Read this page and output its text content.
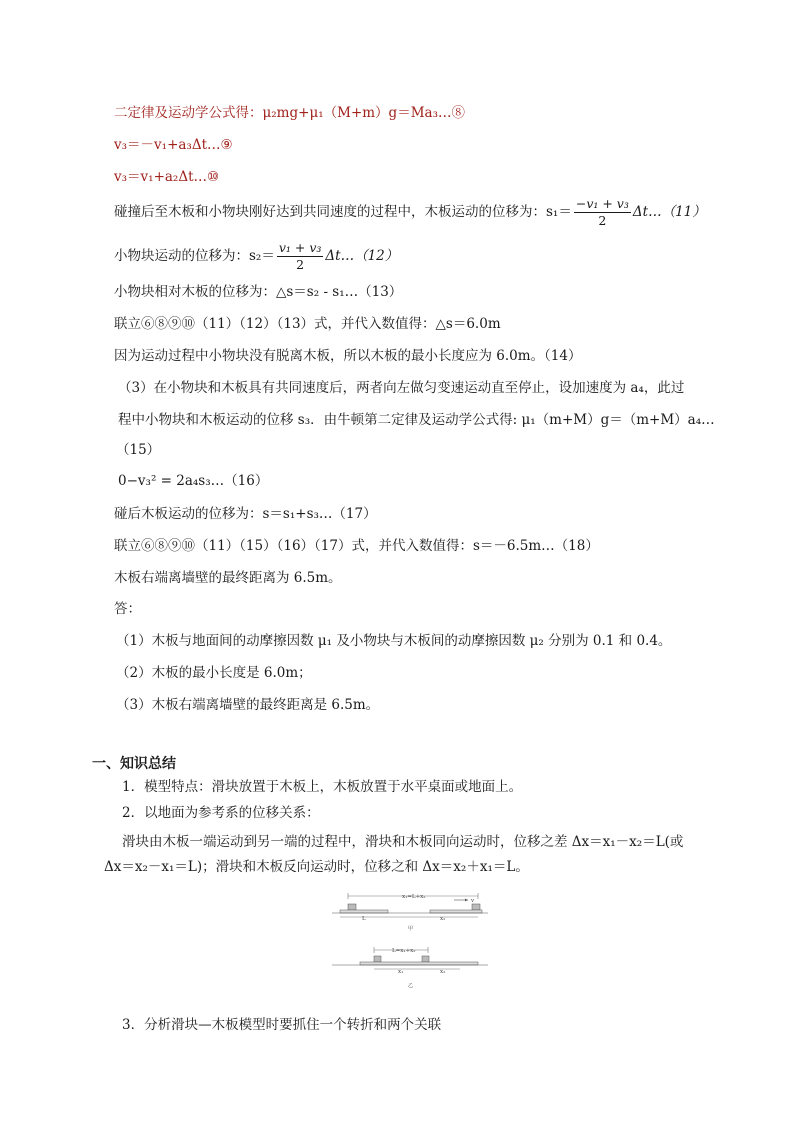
二定律及运动学公式得：μ₂mg+μ₁（M+m）g＝Ma₃…⑧
v₃＝－v₁+a₃Δt…⑨
v₃＝v₁+a₂Δt…⑩
碰撞后至木板和小物块刚好达到共同速度的过程中，木板运动的位移为：$s_1= \frac{\text{−v₁ + v₃}}{2}$ Δt…（11）
小物块运动的位移为：$s_2= \frac{\text{v₁ + v₃}}{2}$ Δt…（12）
小物块相对木板的位移为：△s＝s₂ - s₁…（13）
联立⑥⑧⑨⑩（11）（12）（13）式，并代入数值得：△s＝6.0m
因为运动过程中小物块没有脱离木板，所以木板的最小长度应为 6.0m。（14）
（3）在小物块和木板具有共同速度后，两者向左做匀变速运动直至停止，设加速度为 a₄，此过
程中小物块和木板运动的位移 s₃．由牛顿第二定律及运动学公式得: μ₁（m+M）g＝（m+M）a₄…
（15）
0−v₃² = 2a₄s₃…（16）
碰后木板运动的位移为：s＝s₁+s₃…（17）
联立⑥⑧⑨⑩（11）（15）（16）（17）式，并代入数值得：s＝－6.5m…（18）
木板右端离墙壁的最终距离为 6.5m。
答：
（1）木板与地面间的动摩擦因数 μ₁ 及小物块与木板间的动摩擦因数 μ₂ 分别为 0.1 和 0.4。
（2）木板的最小长度是 6.0m；
（3）木板右端离墙壁的最终距离是 6.5m。
一、知识总结
1．模型特点：滑块放置于木板上，木板放置于水平桌面或地面上。
2．以地面为参考系的位移关系：
滑块由木板一端运动到另一端的过程中，滑块和木板同向运动时，位移之差 Δx＝x₁－x₂＝L(或
Δx＝x₂－x₁＝L)；滑块和木板反向运动时，位移之和 Δx＝x₂＋x₁＝L。
x₁=L+x₂
v
L	x₂
甲
L=x₁+x₂
x₁	x₂
乙
3．分析滑块—木板模型时要抓住一个转折和两个关联
